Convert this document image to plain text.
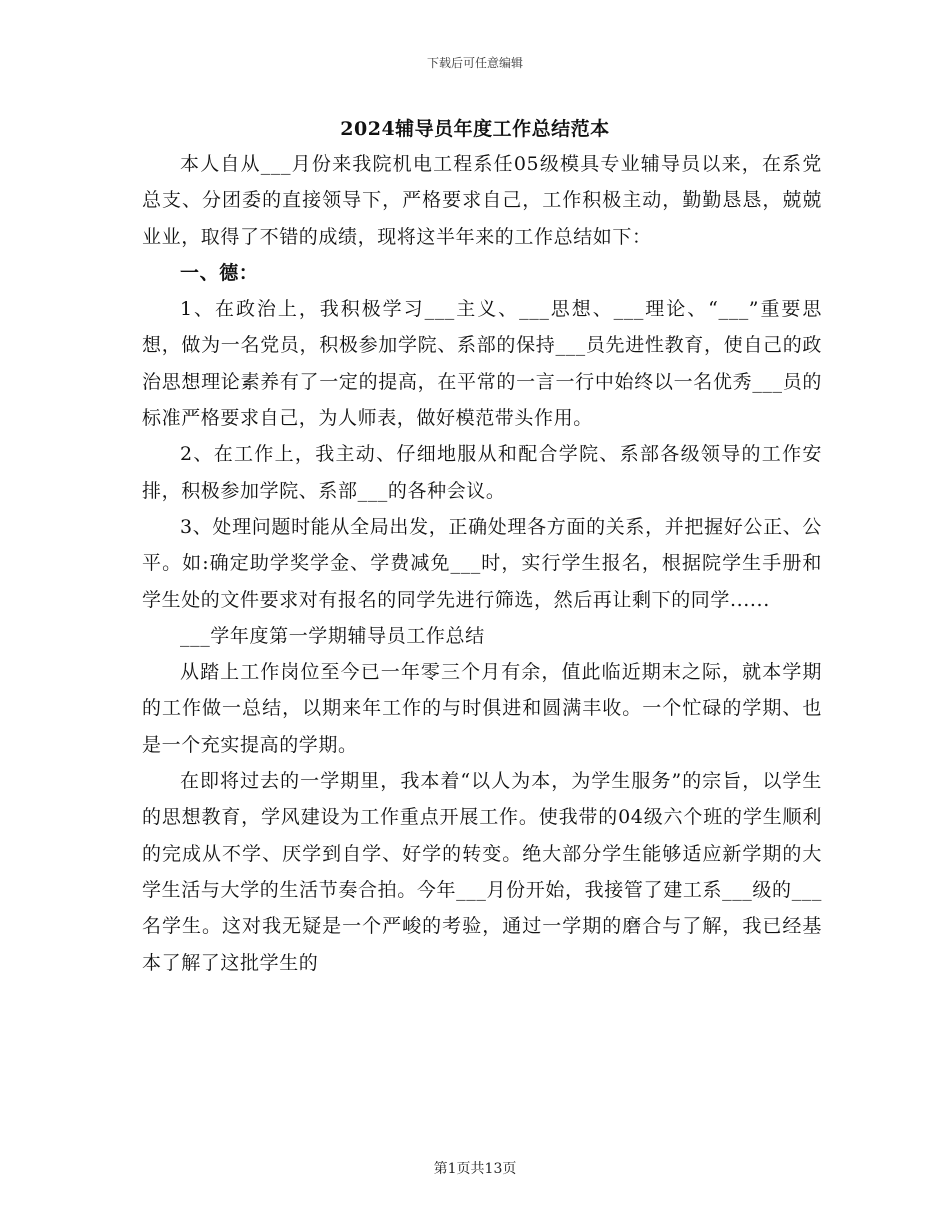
下载后可任意编辑
2024辅导员年度工作总结范本

本人自从___月份来我院机电工程系任05级模具专业辅导员以来，在系党总支、分团委的直接领导下，严格要求自己，工作积极主动，勤勤恳恳，兢兢业业，取得了不错的成绩，现将这半年来的工作总结如下：

一、德：

1、在政治上，我积极学习___主义、___思想、___理论、“___”重要思想，做为一名党员，积极参加学院、系部的保持___员先进性教育，使自己的政治思想理论素养有了一定的提高，在平常的一言一行中始终以一名优秀___员的标准严格要求自己，为人师表，做好模范带头作用。

2、在工作上，我主动、仔细地服从和配合学院、系部各级领导的工作安排，积极参加学院、系部___的各种会议。

3、处理问题时能从全局出发，正确处理各方面的关系，并把握好公正、公平。如:确定助学奖学金、学费减免___时，实行学生报名，根据院学生手册和学生处的文件要求对有报名的同学先进行筛选，然后再让剩下的同学......

___学年度第一学期辅导员工作总结

从踏上工作岗位至今已一年零三个月有余，值此临近期末之际，就本学期的工作做一总结，以期来年工作的与时俱进和圆满丰收。一个忙碌的学期、也是一个充实提高的学期。

在即将过去的一学期里，我本着“以人为本，为学生服务”的宗旨，以学生的思想教育，学风建设为工作重点开展工作。使我带的04级六个班的学生顺利的完成从不学、厌学到自学、好学的转变。绝大部分学生能够适应新学期的大学生活与大学的生活节奏合拍。今年___月份开始，我接管了建工系___级的___名学生。这对我无疑是一个严峻的考验，通过一学期的磨合与了解，我已经基本了解了这批学生的

第1页共13页
